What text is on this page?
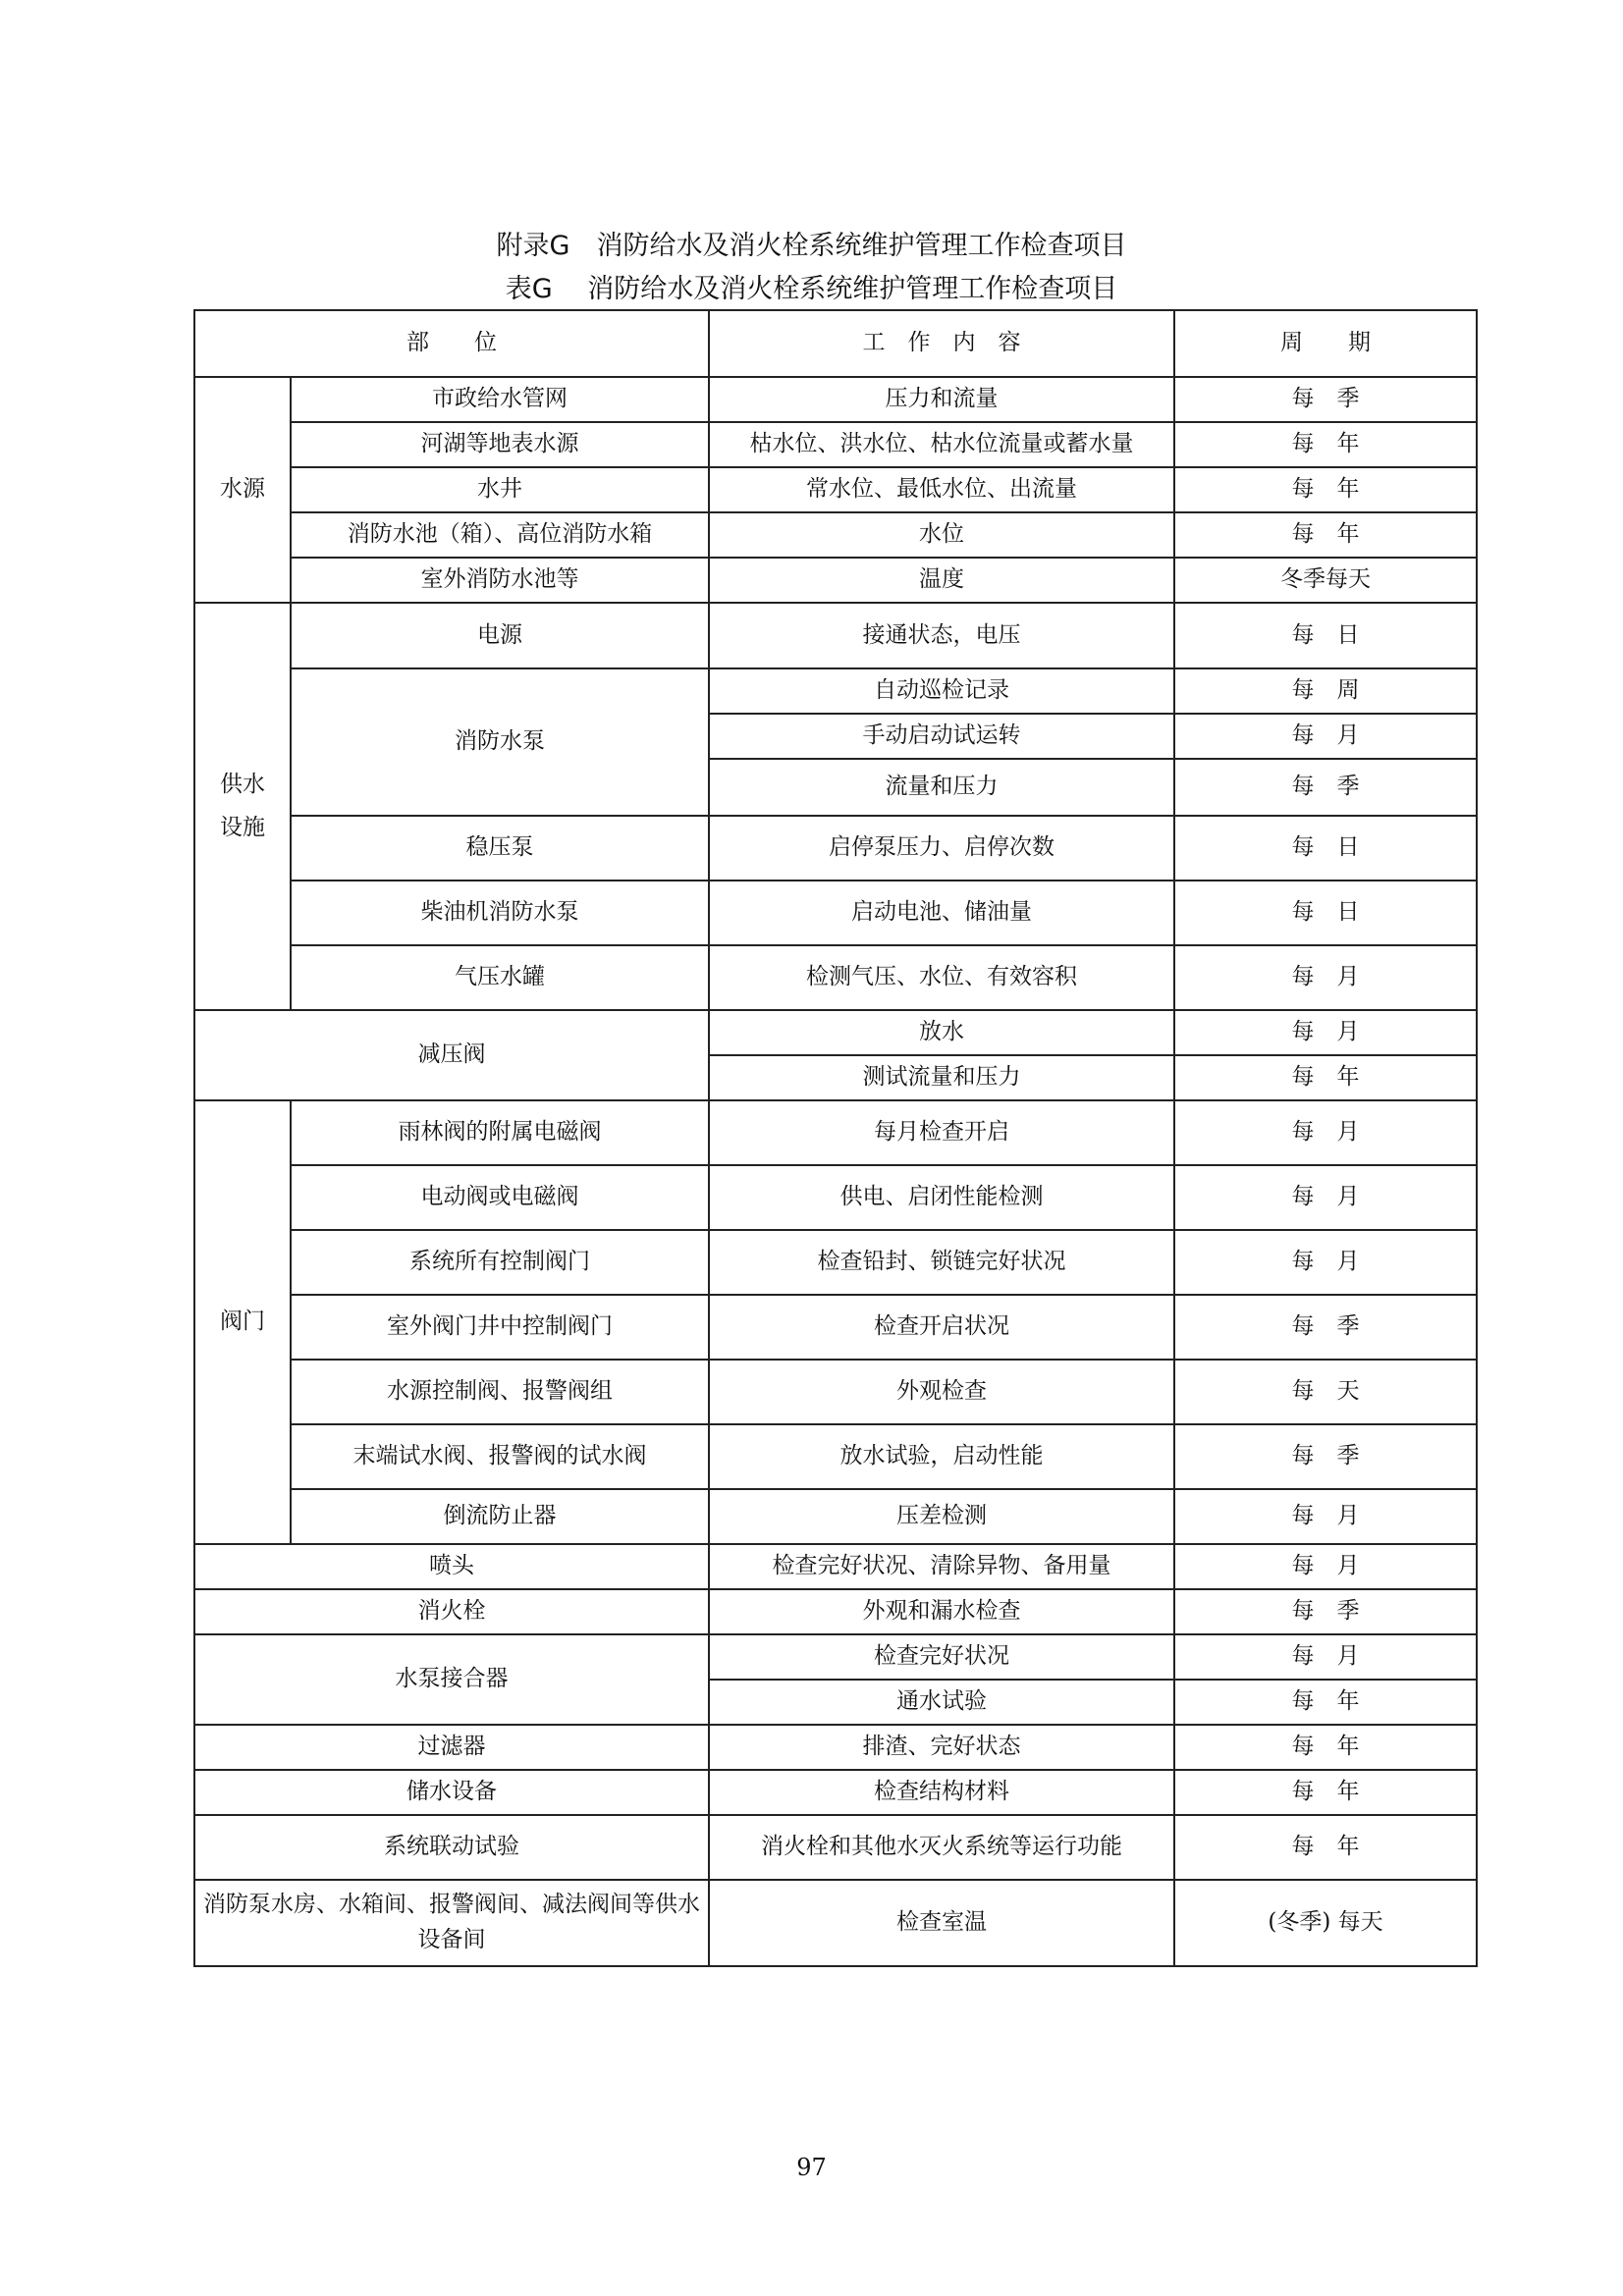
附录G　消防给水及消火栓系统维护管理工作检查项目
表G　 消防给水及消火栓系统维护管理工作检查项目
部　　位		工　作　内　容	周　　期
水源	市政给水管网	压力和流量	每　季
	河湖等地表水源	枯水位、洪水位、枯水位流量或蓄水量	每　年
	水井	常水位、最低水位、出流量	每　年
	消防水池（箱）、高位消防水箱	水位	每　年
	室外消防水池等	温度	冬季每天
供水设施	电源	接通状态，电压	每　日
	消防水泵	自动巡检记录	每　周
		手动启动试运转	每　月
		流量和压力	每　季
	稳压泵	启停泵压力、启停次数	每　日
	柴油机消防水泵	启动电池、储油量	每　日
	气压水罐	检测气压、水位、有效容积	每　月
减压阀		放水	每　月
		测试流量和压力	每　年
阀门	雨林阀的附属电磁阀	每月检查开启	每　月
	电动阀或电磁阀	供电、启闭性能检测	每　月
	系统所有控制阀门	检查铅封、锁链完好状况	每　月
	室外阀门井中控制阀门	检查开启状况	每　季
	水源控制阀、报警阀组	外观检查	每　天
	末端试水阀、报警阀的试水阀	放水试验，启动性能	每　季
	倒流防止器	压差检测	每　月
喷头		检查完好状况、清除异物、备用量	每　月
消火栓		外观和漏水检查	每　季
水泵接合器		检查完好状况	每　月
		通水试验	每　年
过滤器		排渣、完好状态	每　年
储水设备		检查结构材料	每　年
系统联动试验		消火栓和其他水灭火系统等运行功能	每　年
消防泵水房、水箱间、报警阀间、减法阀间等供水设备间		检查室温	(冬季) 每天
97
